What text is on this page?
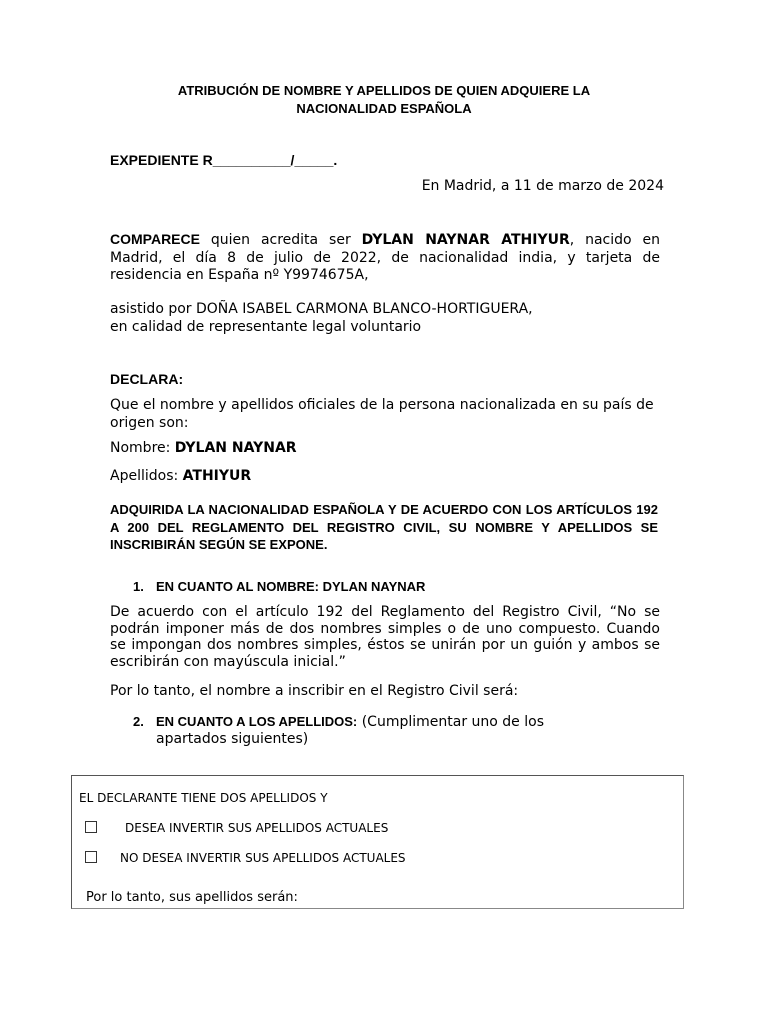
ATRIBUCIÓN DE NOMBRE Y APELLIDOS DE QUIEN ADQUIERE LA
NACIONALIDAD ESPAÑOLA
EXPEDIENTE R__________/_____.
En Madrid, a 11 de marzo de 2024
COMPARECE quien acredita ser DYLAN NAYNAR ATHIYUR, nacido en Madrid, el día 8 de julio de 2022, de nacionalidad india, y tarjeta de residencia en España nº Y9974675A,
asistido por DOÑA ISABEL CARMONA BLANCO-HORTIGUERA,
en calidad de representante legal voluntario
DECLARA:
Que el nombre y apellidos oficiales de la persona nacionalizada en su país de origen son:
Nombre: DYLAN NAYNAR
Apellidos: ATHIYUR
ADQUIRIDA LA NACIONALIDAD ESPAÑOLA Y DE ACUERDO CON LOS ARTÍCULOS 192 A 200 DEL REGLAMENTO DEL REGISTRO CIVIL, SU NOMBRE Y APELLIDOS SE INSCRIBIRÁN SEGÚN SE EXPONE.
1. EN CUANTO AL NOMBRE: DYLAN NAYNAR
De acuerdo con el artículo 192 del Reglamento del Registro Civil, “No se podrán imponer más de dos nombres simples o de uno compuesto. Cuando se impongan dos nombres simples, éstos se unirán por un guión y ambos se escribirán con mayúscula inicial.”
Por lo tanto, el nombre a inscribir en el Registro Civil será:
2. EN CUANTO A LOS APELLIDOS: (Cumplimentar uno de los apartados siguientes)
EL DECLARANTE TIENE DOS APELLIDOS Y
DESEA INVERTIR SUS APELLIDOS ACTUALES
NO DESEA INVERTIR SUS APELLIDOS ACTUALES
Por lo tanto, sus apellidos serán:
